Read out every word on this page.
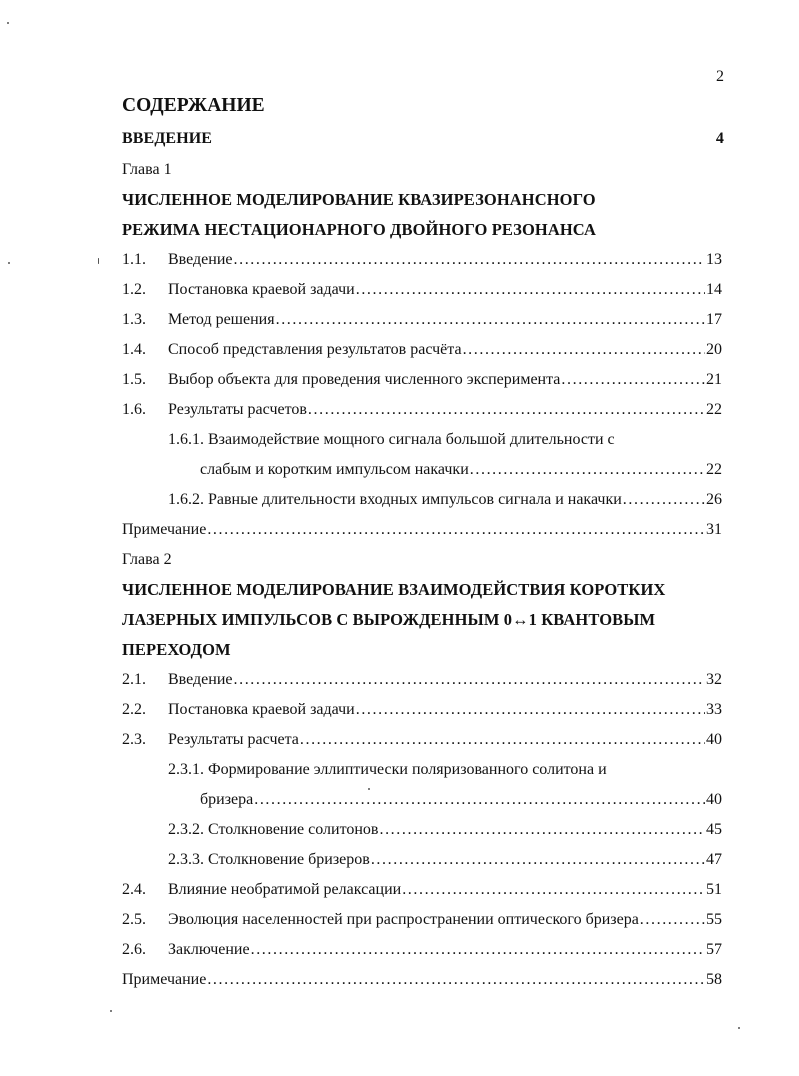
2
СОДЕРЖАНИЕ
ВВЕДЕНИЕ	4
Глава 1
ЧИСЛЕННОЕ МОДЕЛИРОВАНИЕ КВАЗИРЕЗОНАНСНОГО
РЕЖИМА НЕСТАЦИОНАРНОГО ДВОЙНОГО РЕЗОНАНСА
1.1.	Введение .....	13
1.2.	Постановка краевой задачи .....	14
1.3.	Метод решения .....	17
1.4.	Способ представления результатов расчёта .....	20
1.5.	Выбор объекта для проведения численного эксперимента .....	21
1.6.	Результаты расчетов .....	22
1.6.1. Взаимодействие мощного сигнала большой длительности с
слабым и коротким импульсом накачки .....	22
1.6.2. Равные длительности входных импульсов сигнала и накачки .....	26
Примечание .....	31
Глава 2
ЧИСЛЕННОЕ МОДЕЛИРОВАНИЕ ВЗАИМОДЕЙСТВИЯ КОРОТКИХ
ЛАЗЕРНЫХ ИМПУЛЬСОВ С ВЫРОЖДЕННЫМ 0↔1 КВАНТОВЫМ
ПЕРЕХОДОМ
2.1.	Введение .....	32
2.2.	Постановка краевой задачи .....	33
2.3.	Результаты расчета .....	40
2.3.1. Формирование эллиптически поляризованного солитона и
бризера .....	40
2.3.2. Столкновение солитонов .....	45
2.3.3. Столкновение бризеров .....	47
2.4.	Влияние необратимой релаксации .....	51
2.5.	Эволюция населенностей при распространении оптического бризера .....	55
2.6.	Заключение .....	57
Примечание .....	58
